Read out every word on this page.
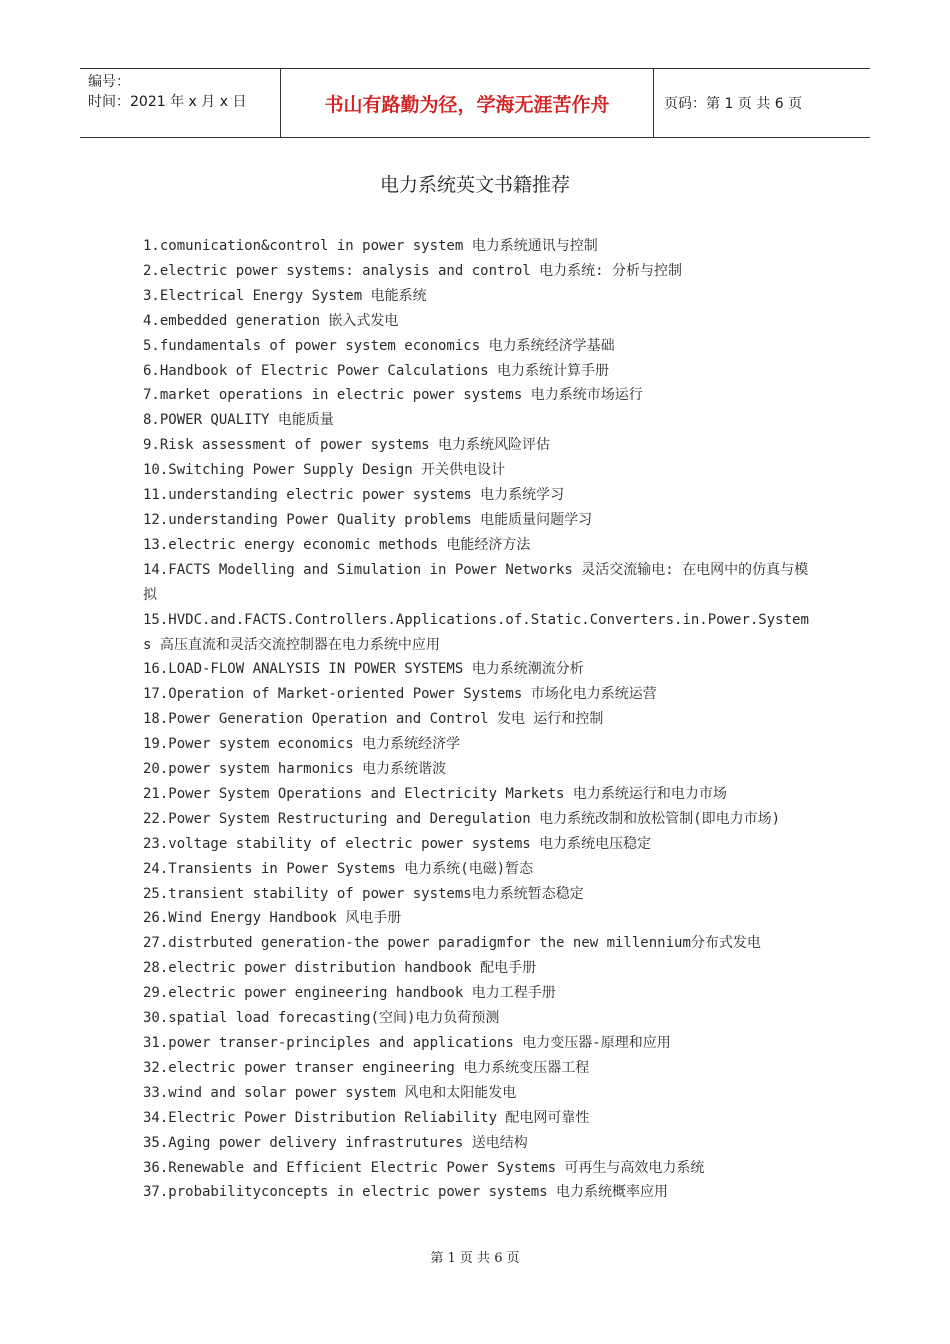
编号：
时间：2021 年 x 月 x 日	书山有路勤为径，学海无涯苦作舟	页码：第 1 页 共 6 页
电力系统英文书籍推荐
1.comunication&control in power system 电力系统通讯与控制
2.electric power systems: analysis and control 电力系统: 分析与控制
3.Electrical Energy System 电能系统
4.embedded generation 嵌入式发电
5.fundamentals of power system economics 电力系统经济学基础
6.Handbook of Electric Power Calculations 电力系统计算手册
7.market operations in electric power systems 电力系统市场运行
8.POWER QUALITY 电能质量
9.Risk assessment of power systems 电力系统风险评估
10.Switching Power Supply Design 开关供电设计
11.understanding electric power systems 电力系统学习
12.understanding Power Quality problems 电能质量问题学习
13.electric energy economic methods 电能经济方法
14.FACTS Modelling and Simulation in Power Networks 灵活交流输电: 在电网中的仿真与模拟
15.HVDC.and.FACTS.Controllers.Applications.of.Static.Converters.in.Power.Systems 高压直流和灵活交流控制器在电力系统中应用
16.LOAD-FLOW ANALYSIS IN POWER SYSTEMS 电力系统潮流分析
17.Operation of Market-oriented Power Systems 市场化电力系统运营
18.Power Generation Operation and Control 发电 运行和控制
19.Power system economics 电力系统经济学
20.power system harmonics 电力系统谐波
21.Power System Operations and Electricity Markets 电力系统运行和电力市场
22.Power System Restructuring and Deregulation 电力系统改制和放松管制(即电力市场)
23.voltage stability of electric power systems 电力系统电压稳定
24.Transients in Power Systems 电力系统(电磁)暂态
25.transient stability of power systems电力系统暂态稳定
26.Wind Energy Handbook 风电手册
27.distrbuted generation-the power paradigmfor the new millennium分布式发电
28.electric power distribution handbook 配电手册
29.electric power engineering handbook 电力工程手册
30.spatial load forecasting(空间)电力负荷预测
31.power transer-principles and applications 电力变压器-原理和应用
32.electric power transer engineering 电力系统变压器工程
33.wind and solar power system 风电和太阳能发电
34.Electric Power Distribution Reliability 配电网可靠性
35.Aging power delivery infrastrutures 送电结构
36.Renewable and Efficient Electric Power Systems 可再生与高效电力系统
37.probabilityconcepts in electric power systems 电力系统概率应用
第 1 页 共 6 页
